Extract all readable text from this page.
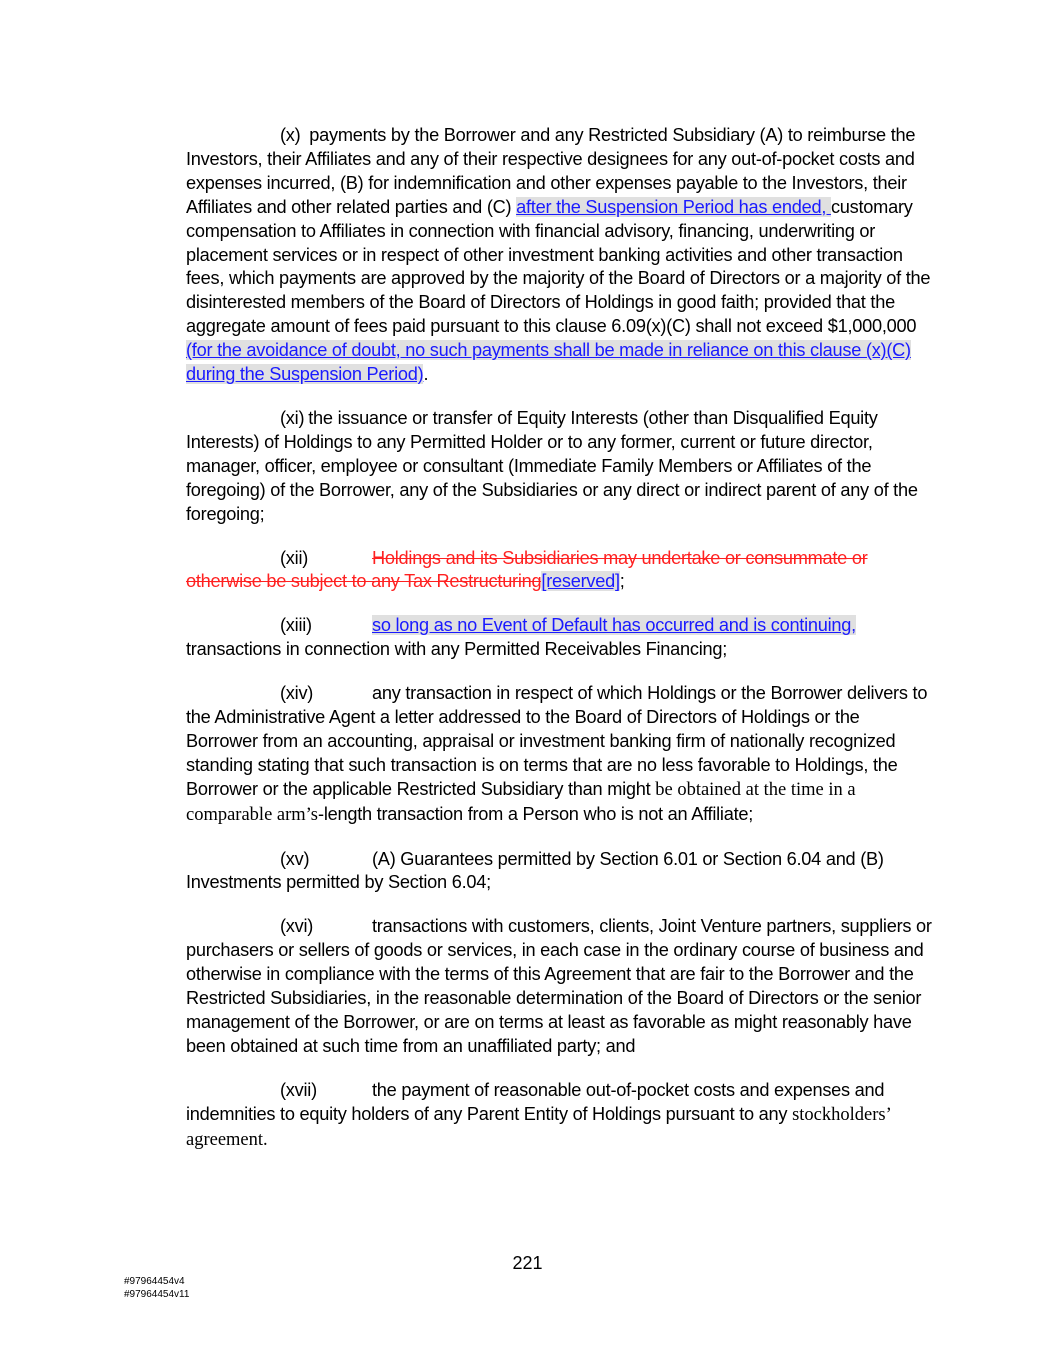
(x) payments by the Borrower and any Restricted Subsidiary (A) to reimburse the Investors, their Affiliates and any of their respective designees for any out-of-pocket costs and expenses incurred, (B) for indemnification and other expenses payable to the Investors, their Affiliates and other related parties and (C) after the Suspension Period has ended, customary compensation to Affiliates in connection with financial advisory, financing, underwriting or placement services or in respect of other investment banking activities and other transaction fees, which payments are approved by the majority of the Board of Directors or a majority of the disinterested members of the Board of Directors of Holdings in good faith; provided that the aggregate amount of fees paid pursuant to this clause 6.09(x)(C) shall not exceed $1,000,000 (for the avoidance of doubt, no such payments shall be made in reliance on this clause (x)(C) during the Suspension Period).

(xi) the issuance or transfer of Equity Interests (other than Disqualified Equity Interests) of Holdings to any Permitted Holder or to any former, current or future director, manager, officer, employee or consultant (Immediate Family Members or Affiliates of the foregoing) of the Borrower, any of the Subsidiaries or any direct or indirect parent of any of the foregoing;

(xii)	Holdings and its Subsidiaries may undertake or consummate or otherwise be subject to any Tax Restructuring[reserved];

(xiii)	so long as no Event of Default has occurred and is continuing, transactions in connection with any Permitted Receivables Financing;

(xiv)	any transaction in respect of which Holdings or the Borrower delivers to the Administrative Agent a letter addressed to the Board of Directors of Holdings or the Borrower from an accounting, appraisal or investment banking firm of nationally recognized standing stating that such transaction is on terms that are no less favorable to Holdings, the Borrower or the applicable Restricted Subsidiary than might be obtained at the time in a comparable arm’s-length transaction from a Person who is not an Affiliate;

(xv)	(A) Guarantees permitted by Section 6.01 or Section 6.04 and (B) Investments permitted by Section 6.04;

(xvi)	transactions with customers, clients, Joint Venture partners, suppliers or purchasers or sellers of goods or services, in each case in the ordinary course of business and otherwise in compliance with the terms of this Agreement that are fair to the Borrower and the Restricted Subsidiaries, in the reasonable determination of the Board of Directors or the senior management of the Borrower, or are on terms at least as favorable as might reasonably have been obtained at such time from an unaffiliated party; and

(xvii)	the payment of reasonable out-of-pocket costs and expenses and indemnities to equity holders of any Parent Entity of Holdings pursuant to any stockholders’ agreement.

221
#97964454v4
#97964454v11
